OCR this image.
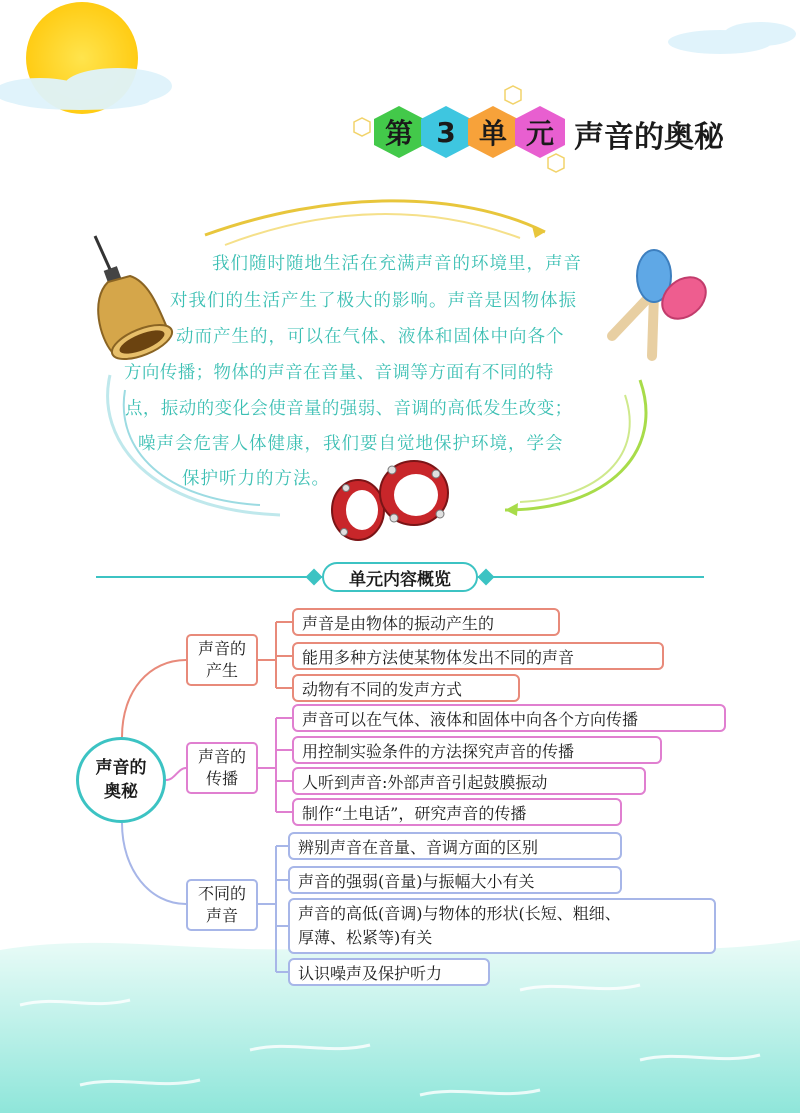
第 3 单 元 声音的奥秘
我们随时随地生活在充满声音的环境里，声音
对我们的生活产生了极大的影响。声音是因物体振
动而产生的，可以在气体、液体和固体中向各个
方向传播；物体的声音在音量、音调等方面有不同的特
点，振动的变化会使音量的强弱、音调的高低发生改变；
噪声会危害人体健康，我们要自觉地保护环境，学会
保护听力的方法。
单元内容概览
声音的
奥秘
声音的
产生
声音是由物体的振动产生的
能用多种方法使某物体发出不同的声音
动物有不同的发声方式
声音的
传播
声音可以在气体、液体和固体中向各个方向传播
用控制实验条件的方法探究声音的传播
人听到声音:外部声音引起鼓膜振动
制作“土电话”，研究声音的传播
不同的
声音
辨别声音在音量、音调方面的区别
声音的强弱(音量)与振幅大小有关
声音的高低(音调)与物体的形状(长短、粗细、
厚薄、松紧等)有关
认识噪声及保护听力
